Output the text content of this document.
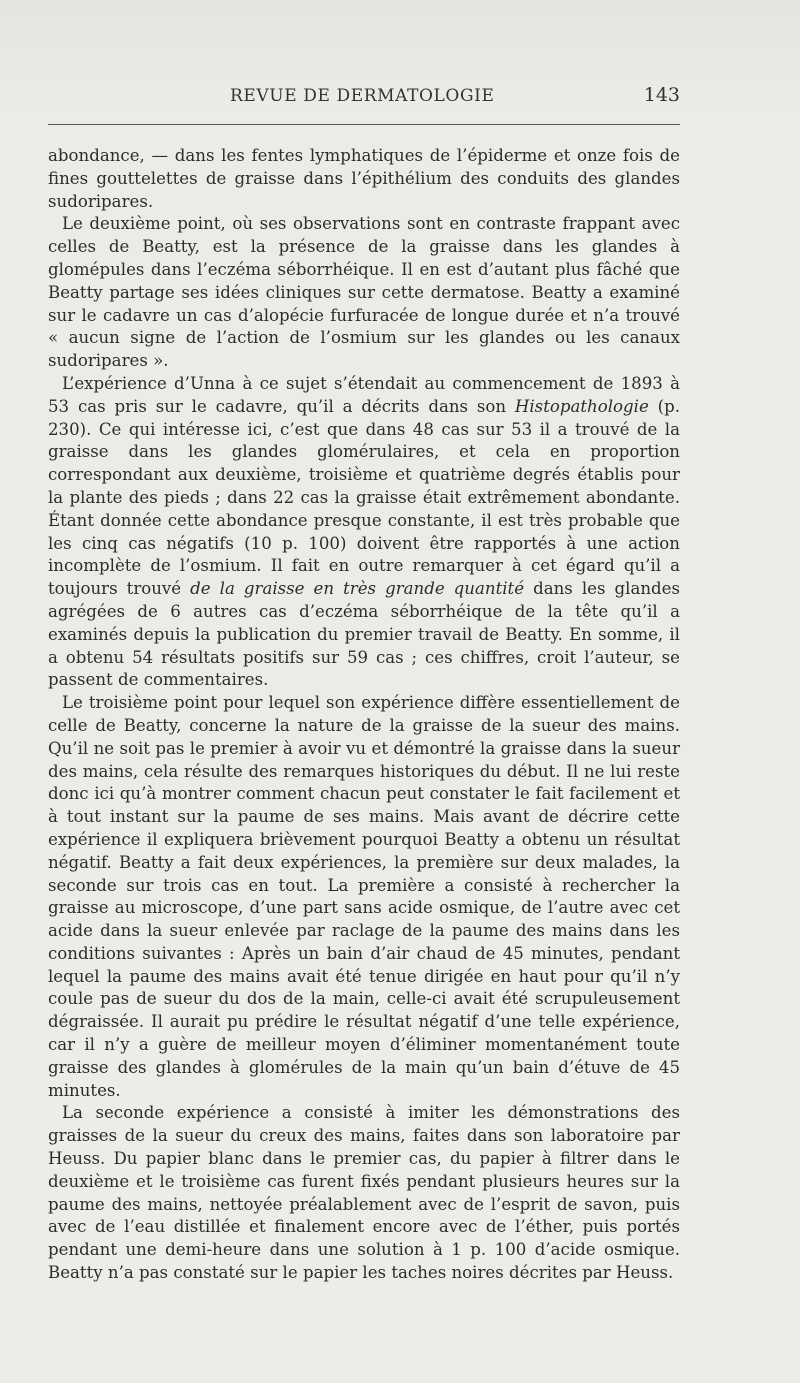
REVUE DE DERMATOLOGIE	143

abondance, — dans les fentes lymphatiques de l’épiderme et onze fois de fines gouttelettes de graisse dans l’épithélium des conduits des glandes sudoripares.

Le deuxième point, où ses observations sont en contraste frappant avec celles de Beatty, est la présence de la graisse dans les glandes à gloméрules dans l’eczéma séborrhéique. Il en est d’autant plus fâché que Beatty partage ses idées cliniques sur cette dermatose. Beatty a examiné sur le cadavre un cas d’alopécie furfuracée de longue durée et n’a trouvé « aucun signe de l’action de l’osmium sur les glandes ou les canaux sudoripares ».

L’expérience d’Unna à ce sujet s’étendait au commencement de 1893 à 53 cas pris sur le cadavre, qu’il a décrits dans son Histopathologie (p. 230). Ce qui intéresse ici, c’est que dans 48 cas sur 53 il a trouvé de la graisse dans les glandes glomérulaires, et cela en proportion correspondant aux deuxième, troisième et quatrième degrés établis pour la plante des pieds ; dans 22 cas la graisse était extrêmement abondante. Étant donnée cette abondance presque constante, il est très probable que les cinq cas négatifs (10 p. 100) doivent être rapportés à une action incomplète de l’osmium. Il fait en outre remarquer à cet égard qu’il a toujours trouvé de la graisse en très grande quantité dans les glandes agrégées de 6 autres cas d’eczéma séborrhéique de la tête qu’il a examinés depuis la publication du premier travail de Beatty. En somme, il a obtenu 54 résultats positifs sur 59 cas ; ces chiffres, croit l’auteur, se passent de commentaires.

Le troisième point pour lequel son expérience diffère essentiellement de celle de Beatty, concerne la nature de la graisse de la sueur des mains. Qu’il ne soit pas le premier à avoir vu et démontré la graisse dans la sueur des mains, cela résulte des remarques historiques du début. Il ne lui reste donc ici qu’à montrer comment chacun peut constater le fait facilement et à tout instant sur la paume de ses mains. Mais avant de décrire cette expérience il expliquera brièvement pourquoi Beatty a obtenu un résultat négatif. Beatty a fait deux expériences, la première sur deux malades, la seconde sur trois cas en tout. La première a consisté à rechercher la graisse au microscope, d’une part sans acide osmique, de l’autre avec cet acide dans la sueur enlevée par raclage de la paume des mains dans les conditions suivantes : Après un bain d’air chaud de 45 minutes, pendant lequel la paume des mains avait été tenue dirigée en haut pour qu’il n’y coule pas de sueur du dos de la main, celle-ci avait été scrupuleusement dégraissée. Il aurait pu prédire le résultat négatif d’une telle expérience, car il n’y a guère de meilleur moyen d’éliminer momentanément toute graisse des glandes à glomérules de la main qu’un bain d’étuve de 45 minutes.

La seconde expérience a consisté à imiter les démonstrations des graisses de la sueur du creux des mains, faites dans son laboratoire par Heuss. Du papier blanc dans le premier cas, du papier à filtrer dans le deuxième et le troisième cas furent fixés pendant plusieurs heures sur la paume des mains, nettoyée préalablement avec de l’esprit de savon, puis avec de l’eau distillée et finalement encore avec de l’éther, puis portés pendant une demi-heure dans une solution à 1 p. 100 d’acide osmique. Beatty n’a pas constaté sur le papier les taches noires décrites par Heuss.
